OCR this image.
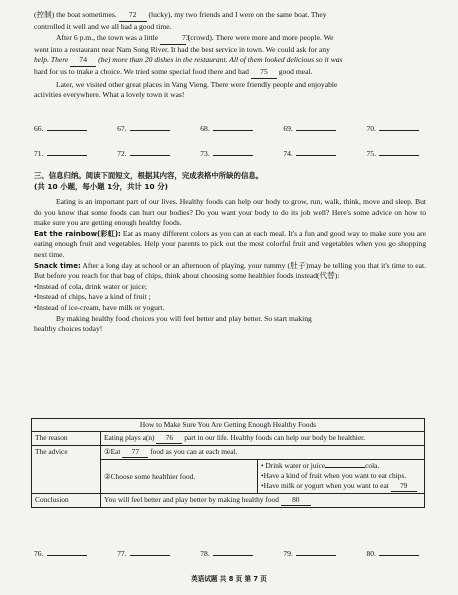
(控制) the boat sometimes. 72 (lucky), my two friends and I were on the same boat. They

controlled it well and we all had a good time.

After 6 p.m., the town was a little	73 (crowd). There were more and more people. We

went into a restaurant near Nam Song River. It had the best service in town. We could ask for any

help. There 74 (be) more than 20 dishes in the restaurant. All of them looked delicious so it was

hard for us to make a choice. We tried some special food there and had 75 good meal.

Later, we visited other great places in Vang Vieng. There were friendly people and enjoyable

activities everywhere. What a lovely town it was!

66.	67.	68.	69.	70.
71.	72.	73.	74.	75.

三、信息归纳。阅读下面短文，根据其内容，完成表格中所缺的信息。

(共 10 小题，每小题 1分，共计 10 分)

Eating is an important part of our lives. Healthy foods can help our body to grow, run, walk, think, move and sleep. But do you know that some foods can hurt our bodies? Do you want your body to do its job well? Here's some advice on how to make sure you are getting enough healthy foods.

Eat the rainbow(彩虹): Eat as many different colors as you can at each meal. It's a fun and good way to make sure you are eating enough fruit and vegetables. Help your parents to pick out the most colorful fruit and vegetables when you go shopping next time.

Snack time: After a long day at school or an afternoon of playing, your tummy (肚子)may be telling you that it's time to eat. But before you reach for that bag of chips, think about choosing some healthier foods instead(代替):

•Instead of cola, drink water or juice;

•Instead of chips, have a kind of fruit ;

•Instead of ice-cream, have milk or yogurt.

By making healthy food choices you will feel better and play better. So start making

healthy choices today!

How to Make Sure You Are Getting Enough Healthy Foods		
The reason	Eating plays a(n) 76 part in our life. Healthy foods can help our body be healthier.	
The advice	①Eat 77 food as you can at each meal.	
	②Choose some healthier food.	• Drink water or juice cola.
•Have a kind of fruit when you want to eat chips.
•Have milk or yogurt when you want to eat 79

Conclusion	You will feel better and play better by making healthy food 80	
76.	77.	78.	79.	80.
英语试题 共 8 页 第 7 页
